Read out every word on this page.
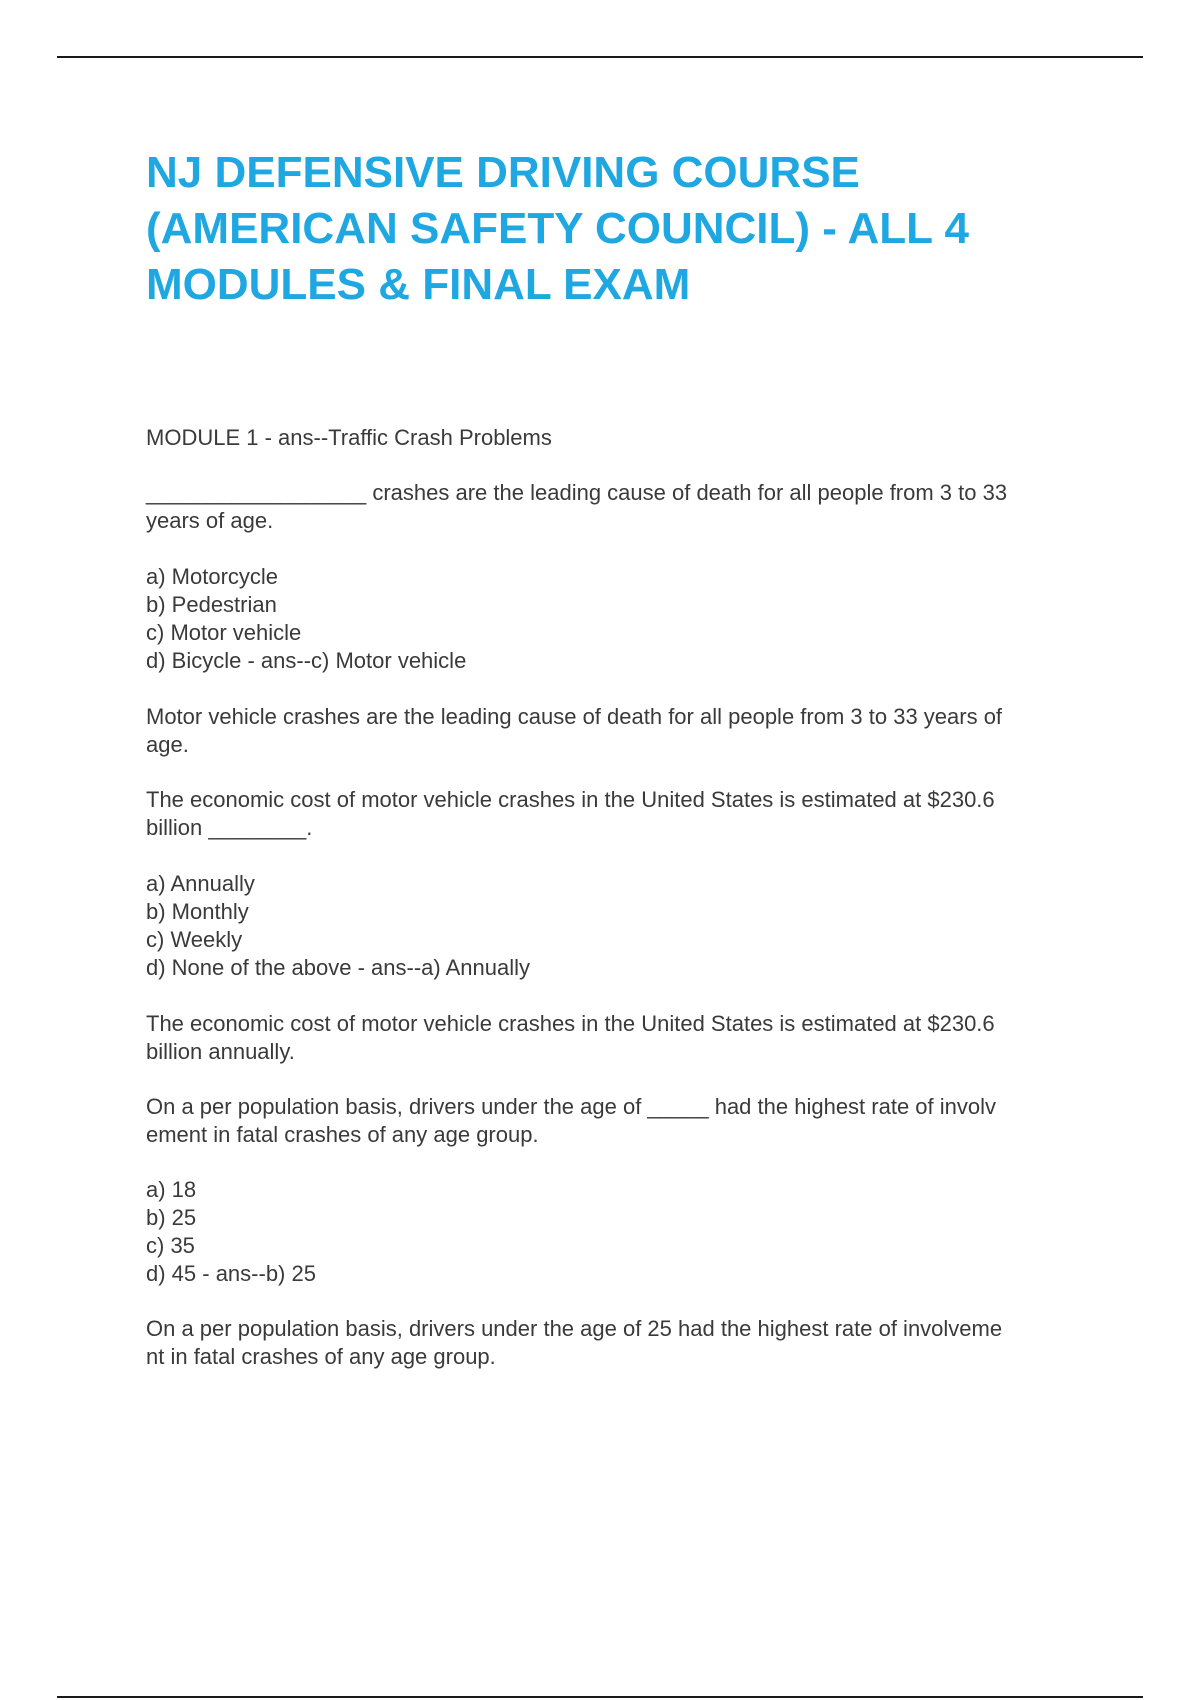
NJ DEFENSIVE DRIVING COURSE
(AMERICAN SAFETY COUNCIL) - ALL 4
MODULES & FINAL EXAM
MODULE 1 - ans--Traffic Crash Problems
__________________ crashes are the leading cause of death for all people from 3 to 33
years of age.
a) Motorcycle
b) Pedestrian
c) Motor vehicle
d) Bicycle - ans--c) Motor vehicle
Motor vehicle crashes are the leading cause of death for all people from 3 to 33 years of
age.
The economic cost of motor vehicle crashes in the United States is estimated at $230.6
billion ________.
a) Annually
b) Monthly
c) Weekly
d) None of the above - ans--a) Annually
The economic cost of motor vehicle crashes in the United States is estimated at $230.6
billion annually.
On a per population basis, drivers under the age of _____ had the highest rate of involv
ement in fatal crashes of any age group.
a) 18
b) 25
c) 35
d) 45 - ans--b) 25
On a per population basis, drivers under the age of 25 had the highest rate of involveme
nt in fatal crashes of any age group.
